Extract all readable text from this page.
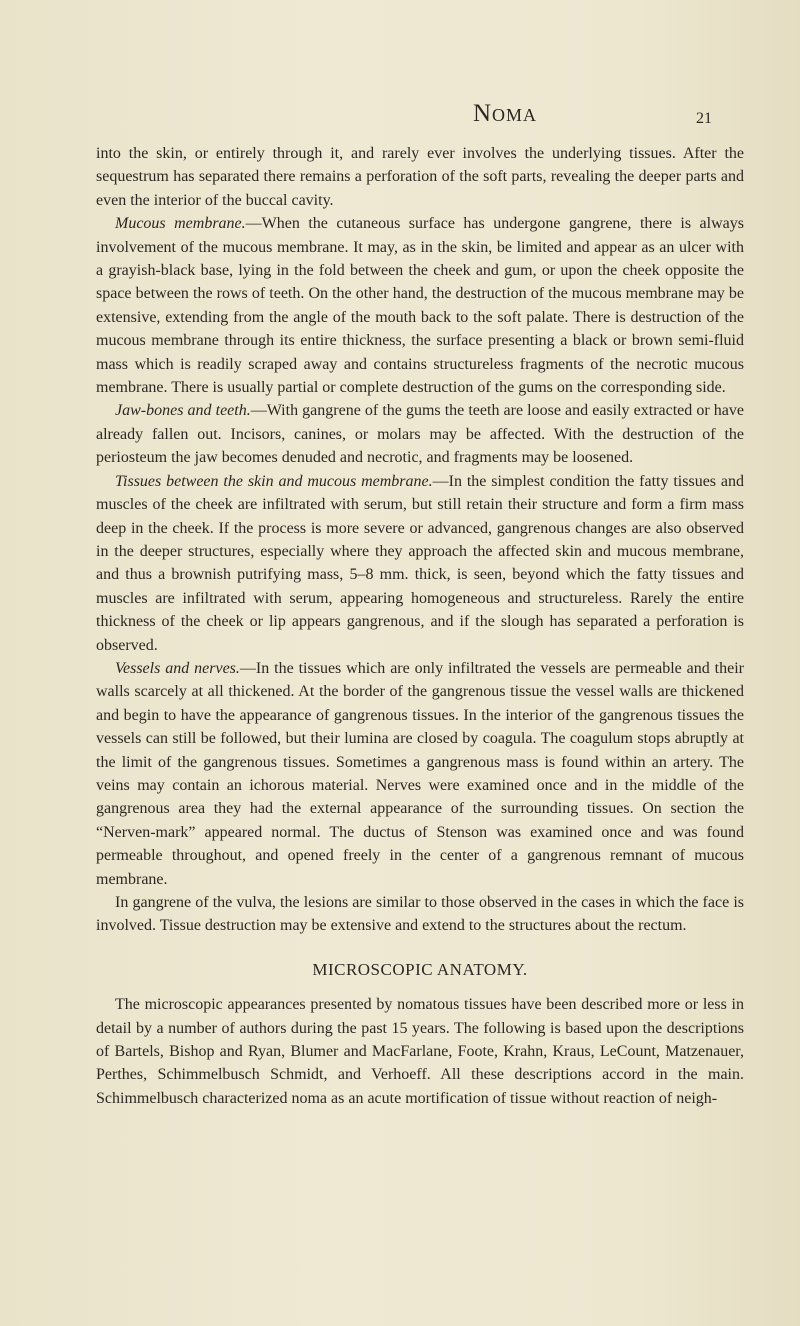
Noma	21

into the skin, or entirely through it, and rarely ever involves the underlying tissues. After the sequestrum has separated there remains a perforation of the soft parts, revealing the deeper parts and even the interior of the buccal cavity.

Mucous membrane.—When the cutaneous surface has undergone gangrene, there is always involvement of the mucous membrane. It may, as in the skin, be limited and appear as an ulcer with a grayish-black base, lying in the fold between the cheek and gum, or upon the cheek opposite the space between the rows of teeth. On the other hand, the destruction of the mucous membrane may be extensive, extending from the angle of the mouth back to the soft palate. There is destruction of the mucous membrane through its entire thickness, the surface presenting a black or brown semi-fluid mass which is readily scraped away and contains structureless fragments of the necrotic mucous membrane. There is usually partial or complete destruction of the gums on the corresponding side.

Jaw-bones and teeth.—With gangrene of the gums the teeth are loose and easily extracted or have already fallen out. Incisors, canines, or molars may be affected. With the destruction of the periosteum the jaw becomes denuded and necrotic, and fragments may be loosened.

Tissues between the skin and mucous membrane.—In the simplest condition the fatty tissues and muscles of the cheek are infiltrated with serum, but still retain their structure and form a firm mass deep in the cheek. If the process is more severe or advanced, gangrenous changes are also observed in the deeper structures, especially where they approach the affected skin and mucous membrane, and thus a brownish putrifying mass, 5–8 mm. thick, is seen, beyond which the fatty tissues and muscles are infiltrated with serum, appearing homogeneous and structureless. Rarely the entire thickness of the cheek or lip appears gangrenous, and if the slough has separated a perforation is observed.

Vessels and nerves.—In the tissues which are only infiltrated the vessels are permeable and their walls scarcely at all thickened. At the border of the gangrenous tissue the vessel walls are thickened and begin to have the appearance of gangrenous tissues. In the interior of the gangrenous tissues the vessels can still be followed, but their lumina are closed by coagula. The coagulum stops abruptly at the limit of the gangrenous tissues. Sometimes a gangrenous mass is found within an artery. The veins may contain an ichorous material. Nerves were examined once and in the middle of the gangrenous area they had the external appearance of the surrounding tissues. On section the “Nerven-mark” appeared normal. The ductus of Stenson was examined once and was found permeable throughout, and opened freely in the center of a gangrenous remnant of mucous membrane.

In gangrene of the vulva, the lesions are similar to those observed in the cases in which the face is involved. Tissue destruction may be extensive and extend to the structures about the rectum.

MICROSCOPIC ANATOMY.

The microscopic appearances presented by nomatous tissues have been described more or less in detail by a number of authors during the past 15 years. The following is based upon the descriptions of Bartels, Bishop and Ryan, Blumer and MacFarlane, Foote, Krahn, Kraus, LeCount, Matzenauer, Perthes, Schimmelbusch Schmidt, and Verhoeff. All these descriptions accord in the main. Schimmelbusch characterized noma as an acute mortification of tissue without reaction of neigh-
